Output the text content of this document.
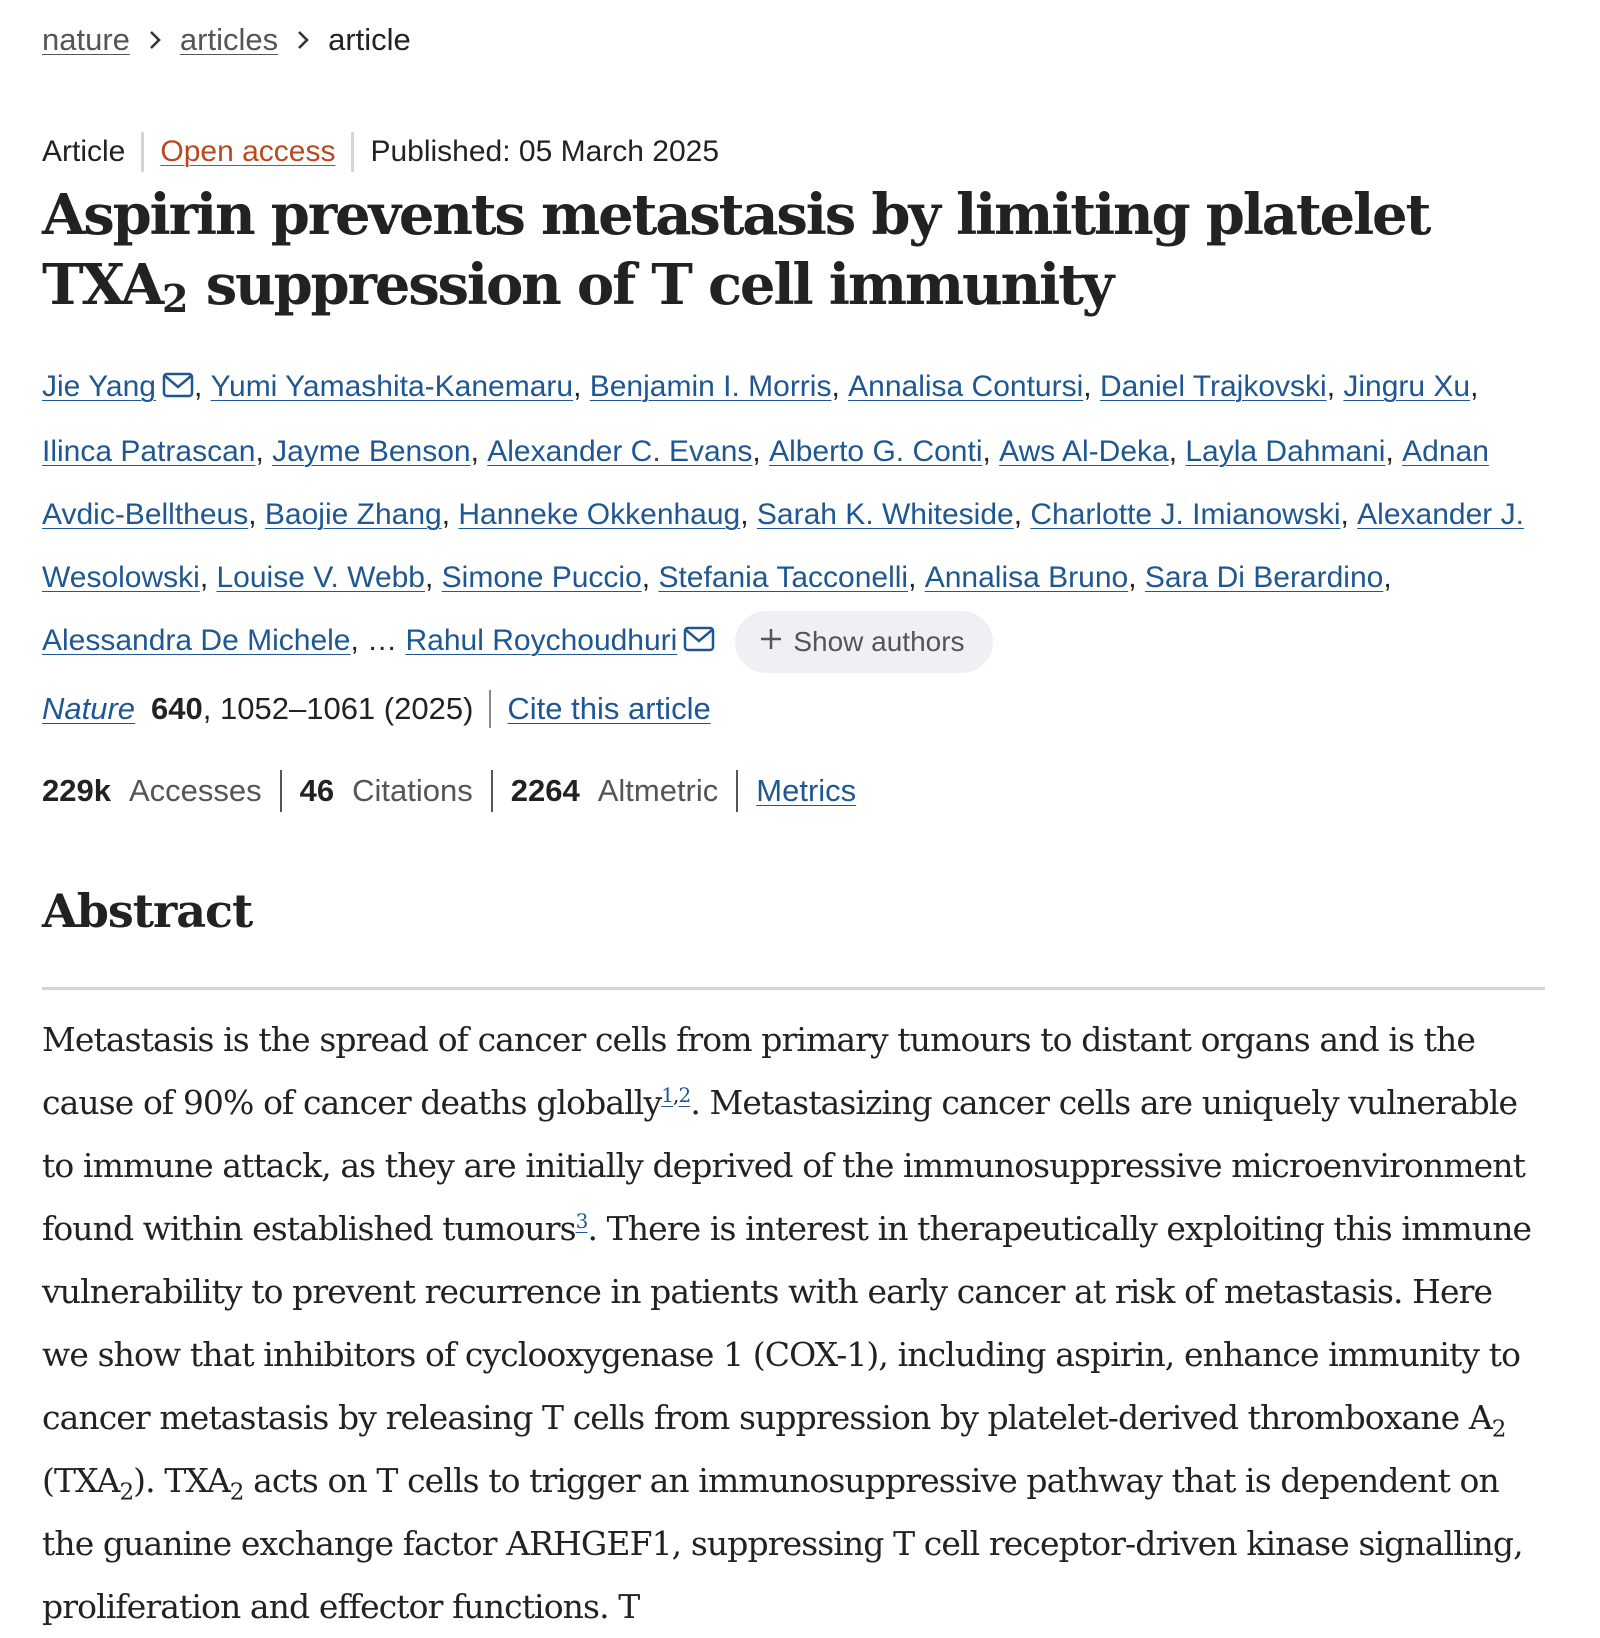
nature articles article
Article Open access Published: 05 March 2025
Aspirin prevents metastasis by limiting platelet $TXA_2$ suppression of T cell immunity
Jie Yang , Yumi Yamashita-Kanemaru, Benjamin I. Morris, Annalisa Contursi, Daniel Trajkovski, Jingru Xu, Ilinca Patrascan, Jayme Benson, Alexander C. Evans, Alberto G. Conti, Aws Al-Deka, Layla Dahmani, Adnan Avdic-Belltheus, Baojie Zhang, Hanneke Okkenhaug, Sarah K. Whiteside, Charlotte J. Imianowski, Alexander J. Wesolowski, Louise V. Webb, Simone Puccio, Stefania Tacconelli, Annalisa Bruno, Sara Di Berardino, Alessandra De Michele, … Rahul Roychoudhuri	Show authors
Nature 640 , 1052–1061 (2025) Cite this article
229k Accesses 46 Citations 2264 Altmetric Metrics
Abstract

Metastasis is the spread of cancer cells from primary tumours to distant organs and is the cause of 90% of cancer deaths globally$^{1,2}$. Metastasizing cancer cells are uniquely vulnerable to immune attack, as they are initially deprived of the immunosuppressive microenvironment found within established tumours$^3$. There is interest in therapeutically exploiting this immune vulnerability to prevent recurrence in patients with early cancer at risk of metastasis. Here we show that inhibitors of cyclooxygenase 1 (COX-1), including aspirin, enhance immunity to cancer metastasis by releasing T cells from suppression by platelet-derived thromboxane $A_2$ $(TXA_2)$. $TXA_2$ acts on T cells to trigger an immunosuppressive pathway that is dependent on the guanine exchange factor ARHGEF1, suppressing T cell receptor-driven kinase signalling, proliferation and effector functions. T
